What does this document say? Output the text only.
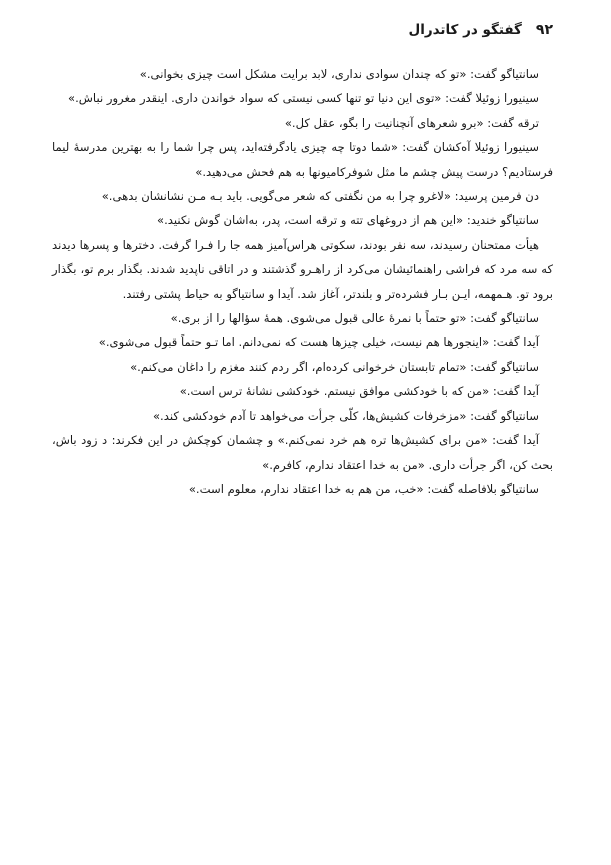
۹۲
گفتگو در کاتدرال

سانتیاگو گفت: «تو که چندان سوادی نداری، لابد برایت مشکل است چیزی بخوانی.»

سینیورا زوئیلا گفت: «توی این دنیا تو تنها کسی نیستی که سواد خواندن داری. اینقدر مغرور نباش.»

ترقه گفت: «برو شعرهای آنچنانیت را بگو، عقل کل.»

سینیورا زوئیلا آه‌کشان گفت: «شما دوتا چه چیزی یادگرفته‌اید، پس چرا شما را به بهترین مدرسهٔ لیما فرستادیم؟ درست پیش چشم ما مثل شوفرکامیونها به هم فحش می‌دهید.»

دن فرمین پرسید: «لاغرو چرا به من نگفتی که شعر می‌گویی. باید بـه مـن نشانشان بدهی.»

سانتیاگو خندید: «این هم از دروغهای تته و ترقه است، پدر، به‌اشان گوش نکنید.»

هیأت ممتحنان رسیدند، سه نفر بودند، سکوتی هراس‌آمیز همه جا را فـرا گرفت. دخترها و پسرها دیدند که سه مرد که فراشی راهنمائیشان می‌کرد از راهـرو گذشتند و در اتاقی ناپدید شدند. بگذار برم تو، بگذار برود تو. هـمهمه، ایـن بـار فشرده‌تر و بلندتر، آغاز شد. آیدا و سانتیاگو به حیاط پشتی رفتند.

سانتیاگو گفت: «تو حتماً با نمرهٔ عالی قبول می‌شوی. همهٔ سؤالها را از بری.»

آیدا گفت: «اینجورها هم نیست، خیلی چیزها هست که نمی‌دانم. اما تـو حتماً قبول می‌شوی.»

سانتیاگو گفت: «تمام تابستان خرخوانی کرده‌ام، اگر ردم کنند مغزم را داغان می‌کنم.»

آیدا گفت: «من که با خودکشی موافق نیستم. خودکشی نشانهٔ ترس است.»

سانتیاگو گفت: «مزخرفات کشیش‌ها، کلّی جرأت می‌خواهد تا آدم خودکشی کند.»

آیدا گفت: «من برای کشیش‌ها تره هم خرد نمی‌کنم.» و چشمان کوچکش در این فکرند: د زود باش، بحث کن، اگر جرأت داری. «من به خدا اعتقاد ندارم، کافرم.»

سانتیاگو بلافاصله گفت: «خب، من هم به خدا اعتقاد ندارم، معلوم است.»
